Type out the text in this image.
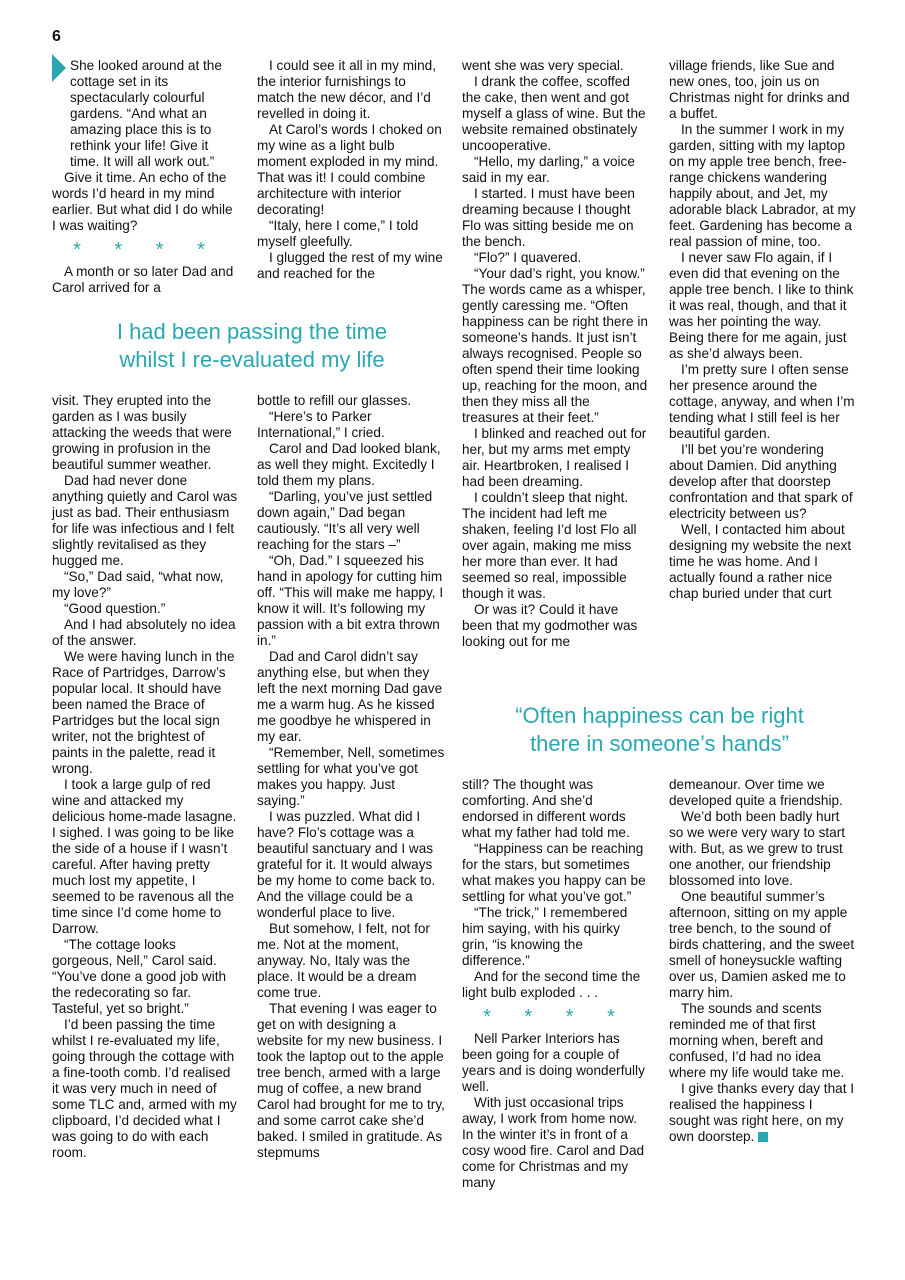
6

She looked around at the cottage set in its spectacularly colourful gardens. “And what an amazing place this is to rethink your life! Give it time. It will all work out.”

Give it time. An echo of the words I’d heard in my mind earlier. But what did I do while I was waiting?

* * * *

A month or so later Dad and Carol arrived for a

I could see it all in my mind, the interior furnishings to match the new décor, and I’d revelled in doing it.

At Carol’s words I choked on my wine as a light bulb moment exploded in my mind. That was it! I could combine architecture with interior decorating!

“Italy, here I come,” I told myself gleefully.

I glugged the rest of my wine and reached for the

I had been passing the time
whilst I re-evaluated my life

visit. They erupted into the garden as I was busily attacking the weeds that were growing in profusion in the beautiful summer weather.

Dad had never done anything quietly and Carol was just as bad. Their enthusiasm for life was infectious and I felt slightly revitalised as they hugged me.

“So,” Dad said, “what now, my love?”

“Good question.”

And I had absolutely no idea of the answer.

We were having lunch in the Race of Partridges, Darrow’s popular local. It should have been named the Brace of Partridges but the local sign writer, not the brightest of paints in the palette, read it wrong.

I took a large gulp of red wine and attacked my delicious home-made lasagne. I sighed. I was going to be like the side of a house if I wasn’t careful. After having pretty much lost my appetite, I seemed to be ravenous all the time since I’d come home to Darrow.

“The cottage looks gorgeous, Nell,” Carol said. “You’ve done a good job with the redecorating so far. Tasteful, yet so bright.”

I’d been passing the time whilst I re-evaluated my life, going through the cottage with a fine-tooth comb. I’d realised it was very much in need of some TLC and, armed with my clipboard, I’d decided what I was going to do with each room.

bottle to refill our glasses.

“Here’s to Parker International,” I cried.

Carol and Dad looked blank, as well they might. Excitedly I told them my plans.

“Darling, you’ve just settled down again,” Dad began cautiously. “It’s all very well reaching for the stars –”

“Oh, Dad.” I squeezed his hand in apology for cutting him off. “This will make me happy, I know it will. It’s following my passion with a bit extra thrown in.”

Dad and Carol didn’t say anything else, but when they left the next morning Dad gave me a warm hug. As he kissed me goodbye he whispered in my ear.

“Remember, Nell, sometimes settling for what you’ve got makes you happy. Just saying.”

I was puzzled. What did I have? Flo’s cottage was a beautiful sanctuary and I was grateful for it. It would always be my home to come back to. And the village could be a wonderful place to live.

But somehow, I felt, not for me. Not at the moment, anyway. No, Italy was the place. It would be a dream come true.

That evening I was eager to get on with designing a website for my new business. I took the laptop out to the apple tree bench, armed with a large mug of coffee, a new brand Carol had brought for me to try, and some carrot cake she’d baked. I smiled in gratitude. As stepmums

went she was very special.

I drank the coffee, scoffed the cake, then went and got myself a glass of wine. But the website remained obstinately uncooperative.

“Hello, my darling,” a voice said in my ear.

I started. I must have been dreaming because I thought Flo was sitting beside me on the bench.

“Flo?” I quavered.

“Your dad’s right, you know.” The words came as a whisper, gently caressing me. “Often happiness can be right there in someone’s hands. It just isn’t always recognised. People so often spend their time looking up, reaching for the moon, and then they miss all the treasures at their feet.”

I blinked and reached out for her, but my arms met empty air. Heartbroken, I realised I had been dreaming.

I couldn’t sleep that night. The incident had left me shaken, feeling I’d lost Flo all over again, making me miss her more than ever. It had seemed so real, impossible though it was.

Or was it? Could it have been that my godmother was looking out for me

village friends, like Sue and new ones, too, join us on Christmas night for drinks and a buffet.

In the summer I work in my garden, sitting with my laptop on my apple tree bench, free-range chickens wandering happily about, and Jet, my adorable black Labrador, at my feet. Gardening has become a real passion of mine, too.

I never saw Flo again, if I even did that evening on the apple tree bench. I like to think it was real, though, and that it was her pointing the way. Being there for me again, just as she’d always been.

I’m pretty sure I often sense her presence around the cottage, anyway, and when I’m tending what I still feel is her beautiful garden.

I’ll bet you’re wondering about Damien. Did anything develop after that doorstep confrontation and that spark of electricity between us?

Well, I contacted him about designing my website the next time he was home. And I actually found a rather nice chap buried under that curt

“Often happiness can be right
there in someone’s hands”

still? The thought was comforting. And she’d endorsed in different words what my father had told me.

“Happiness can be reaching for the stars, but sometimes what makes you happy can be settling for what you’ve got.”

“The trick,” I remembered him saying, with his quirky grin, “is knowing the difference.”

And for the second time the light bulb exploded . . .

* * * *

Nell Parker Interiors has been going for a couple of years and is doing wonderfully well.

With just occasional trips away, I work from home now. In the winter it’s in front of a cosy wood fire. Carol and Dad come for Christmas and my many

demeanour. Over time we developed quite a friendship.

We’d both been badly hurt so we were very wary to start with. But, as we grew to trust one another, our friendship blossomed into love.

One beautiful summer’s afternoon, sitting on my apple tree bench, to the sound of birds chattering, and the sweet smell of honeysuckle wafting over us, Damien asked me to marry him.

The sounds and scents reminded me of that first morning when, bereft and confused, I’d had no idea where my life would take me.

I give thanks every day that I realised the happiness I sought was right here, on my own doorstep.
